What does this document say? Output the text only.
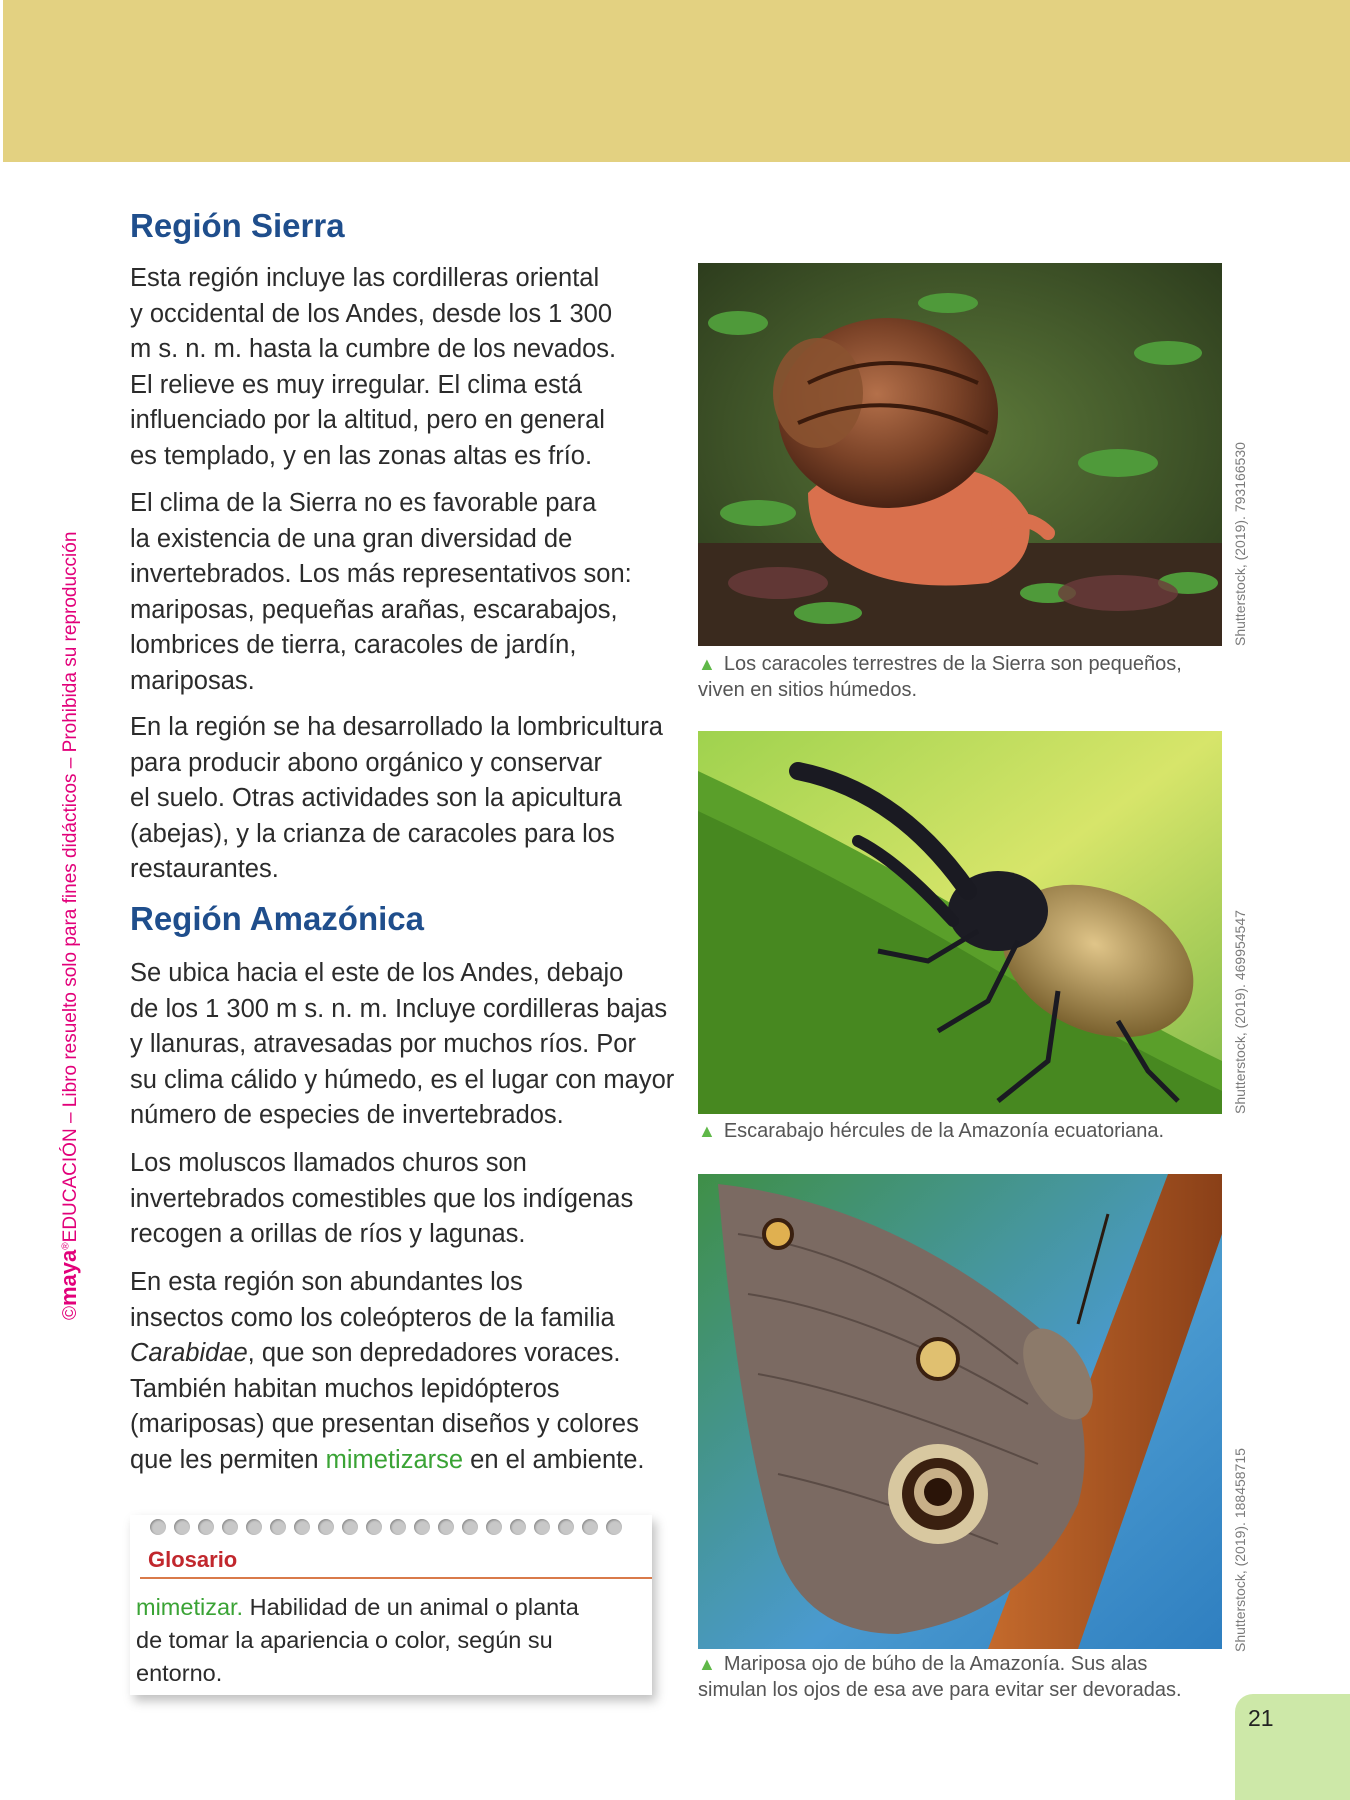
©maya®EDUCACIÓN – Libro resuelto solo para fines didácticos – Prohibida su reproducción
Región Sierra
Esta región incluye las cordilleras oriental
y occidental de los Andes, desde los 1 300
m s. n. m. hasta la cumbre de los nevados.
El relieve es muy irregular. El clima está
influenciado por la altitud, pero en general
es templado, y en las zonas altas es frío.
El clima de la Sierra no es favorable para
la existencia de una gran diversidad de
invertebrados. Los más representativos son:
mariposas, pequeñas arañas, escarabajos,
lombrices de tierra, caracoles de jardín,
mariposas.
En la región se ha desarrollado la lombricultura
para producir abono orgánico y conservar
el suelo. Otras actividades son la apicultura
(abejas), y la crianza de caracoles para los
restaurantes.
Región Amazónica
Se ubica hacia el este de los Andes, debajo
de los 1 300 m s. n. m. Incluye cordilleras bajas
y llanuras, atravesadas por muchos ríos. Por
su clima cálido y húmedo, es el lugar con mayor
número de especies de invertebrados.
Los moluscos llamados churos son
invertebrados comestibles que los indígenas
recogen a orillas de ríos y lagunas.
En esta región son abundantes los
insectos como los coleópteros de la familia
Carabidae, que son depredadores voraces.
También habitan muchos lepidópteros
(mariposas) que presentan diseños y colores
que les permiten mimetizarse en el ambiente.
Glosario
mimetizar. Habilidad de un animal o planta
de tomar la apariencia o color, según su
entorno.
▲ Los caracoles terrestres de la Sierra son pequeños,
viven en sitios húmedos.
Shutterstock, (2019). 793166530
▲ Escarabajo hércules de la Amazonía ecuatoriana.
Shutterstock, (2019). 469954547
▲ Mariposa ojo de búho de la Amazonía. Sus alas
simulan los ojos de esa ave para evitar ser devoradas.
Shutterstock, (2019). 188458715
21
